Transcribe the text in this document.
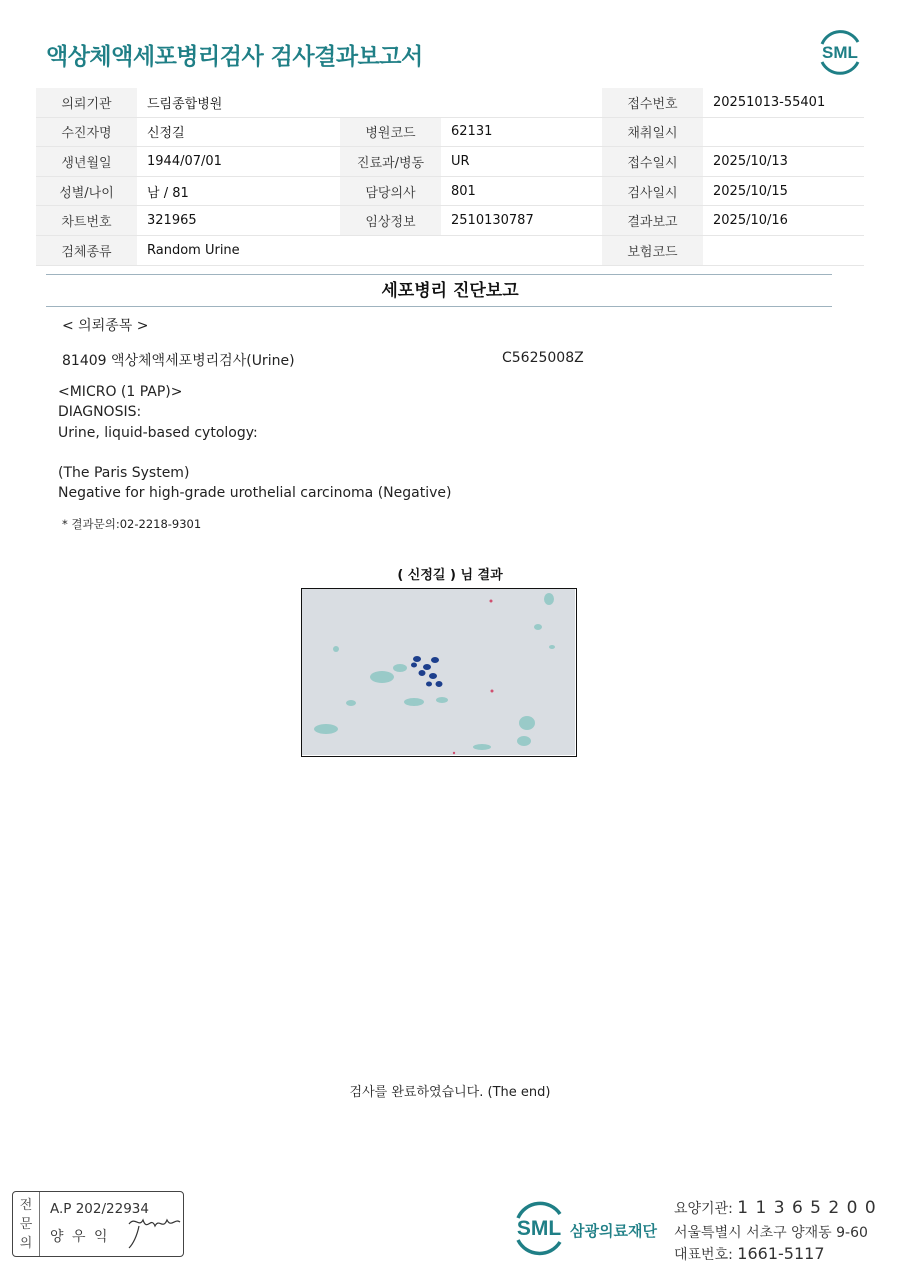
액상체액세포병리검사 검사결과보고서	SML
의뢰기관	드림종합병원			접수번호	20251013-55401
수진자명	신정길	병원코드	62131	채취일시	
생년월일	1944/07/01	진료과/병동	UR	접수일시	2025/10/13
성별/나이	남 / 81	담당의사	801	검사일시	2025/10/15
차트번호	321965	임상정보	2510130787	결과보고	2025/10/16
검체종류	Random Urine			보험코드	
세포병리 진단보고
< 의뢰종목 >
81409 액상체액세포병리검사(Urine)	C5625008Z
<MICRO (1 PAP)>
DIAGNOSIS:
Urine, liquid-based cytology:
(The Paris System)
Negative for high-grade urothelial carcinoma (Negative)
* 결과문의:02-2218-9301
( 신정길 ) 님 결과
검사를 완료하였습니다. (The end)
전
문
의
A.P 202/22934
양 우 익	SML 삼광의료재단
요양기관: 1 1 3 6 5 2 0 0
서울특별시 서초구 양재동 9-60
대표번호: 1661-5117
